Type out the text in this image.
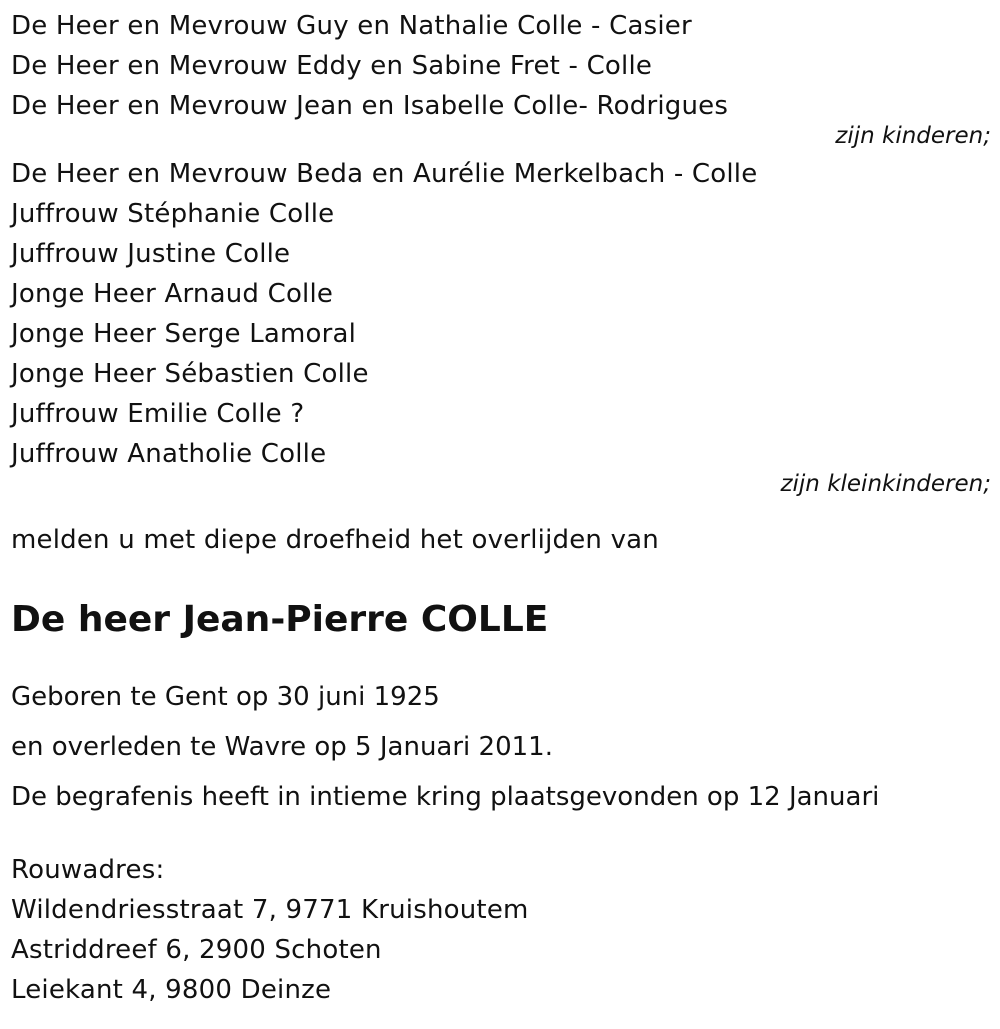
De Heer en Mevrouw Guy en Nathalie Colle - Casier
De Heer en Mevrouw Eddy en Sabine Fret - Colle
De Heer en Mevrouw Jean en Isabelle Colle- Rodrigues
zijn kinderen;
De Heer en Mevrouw Beda en Aurélie Merkelbach - Colle
Juffrouw Stéphanie Colle
Juffrouw Justine Colle
Jonge Heer Arnaud Colle
Jonge Heer Serge Lamoral
Jonge Heer Sébastien Colle
Juffrouw Emilie Colle ?
Juffrouw Anatholie Colle
zijn kleinkinderen;
melden u met diepe droefheid het overlijden van
De heer Jean-Pierre COLLE
Geboren te Gent op 30 juni 1925
en overleden te Wavre op 5 Januari 2011.
De begrafenis heeft in intieme kring plaatsgevonden op 12 Januari
Rouwadres:
Wildendriesstraat 7, 9771 Kruishoutem
Astriddreef 6, 2900 Schoten
Leiekant 4, 9800 Deinze
